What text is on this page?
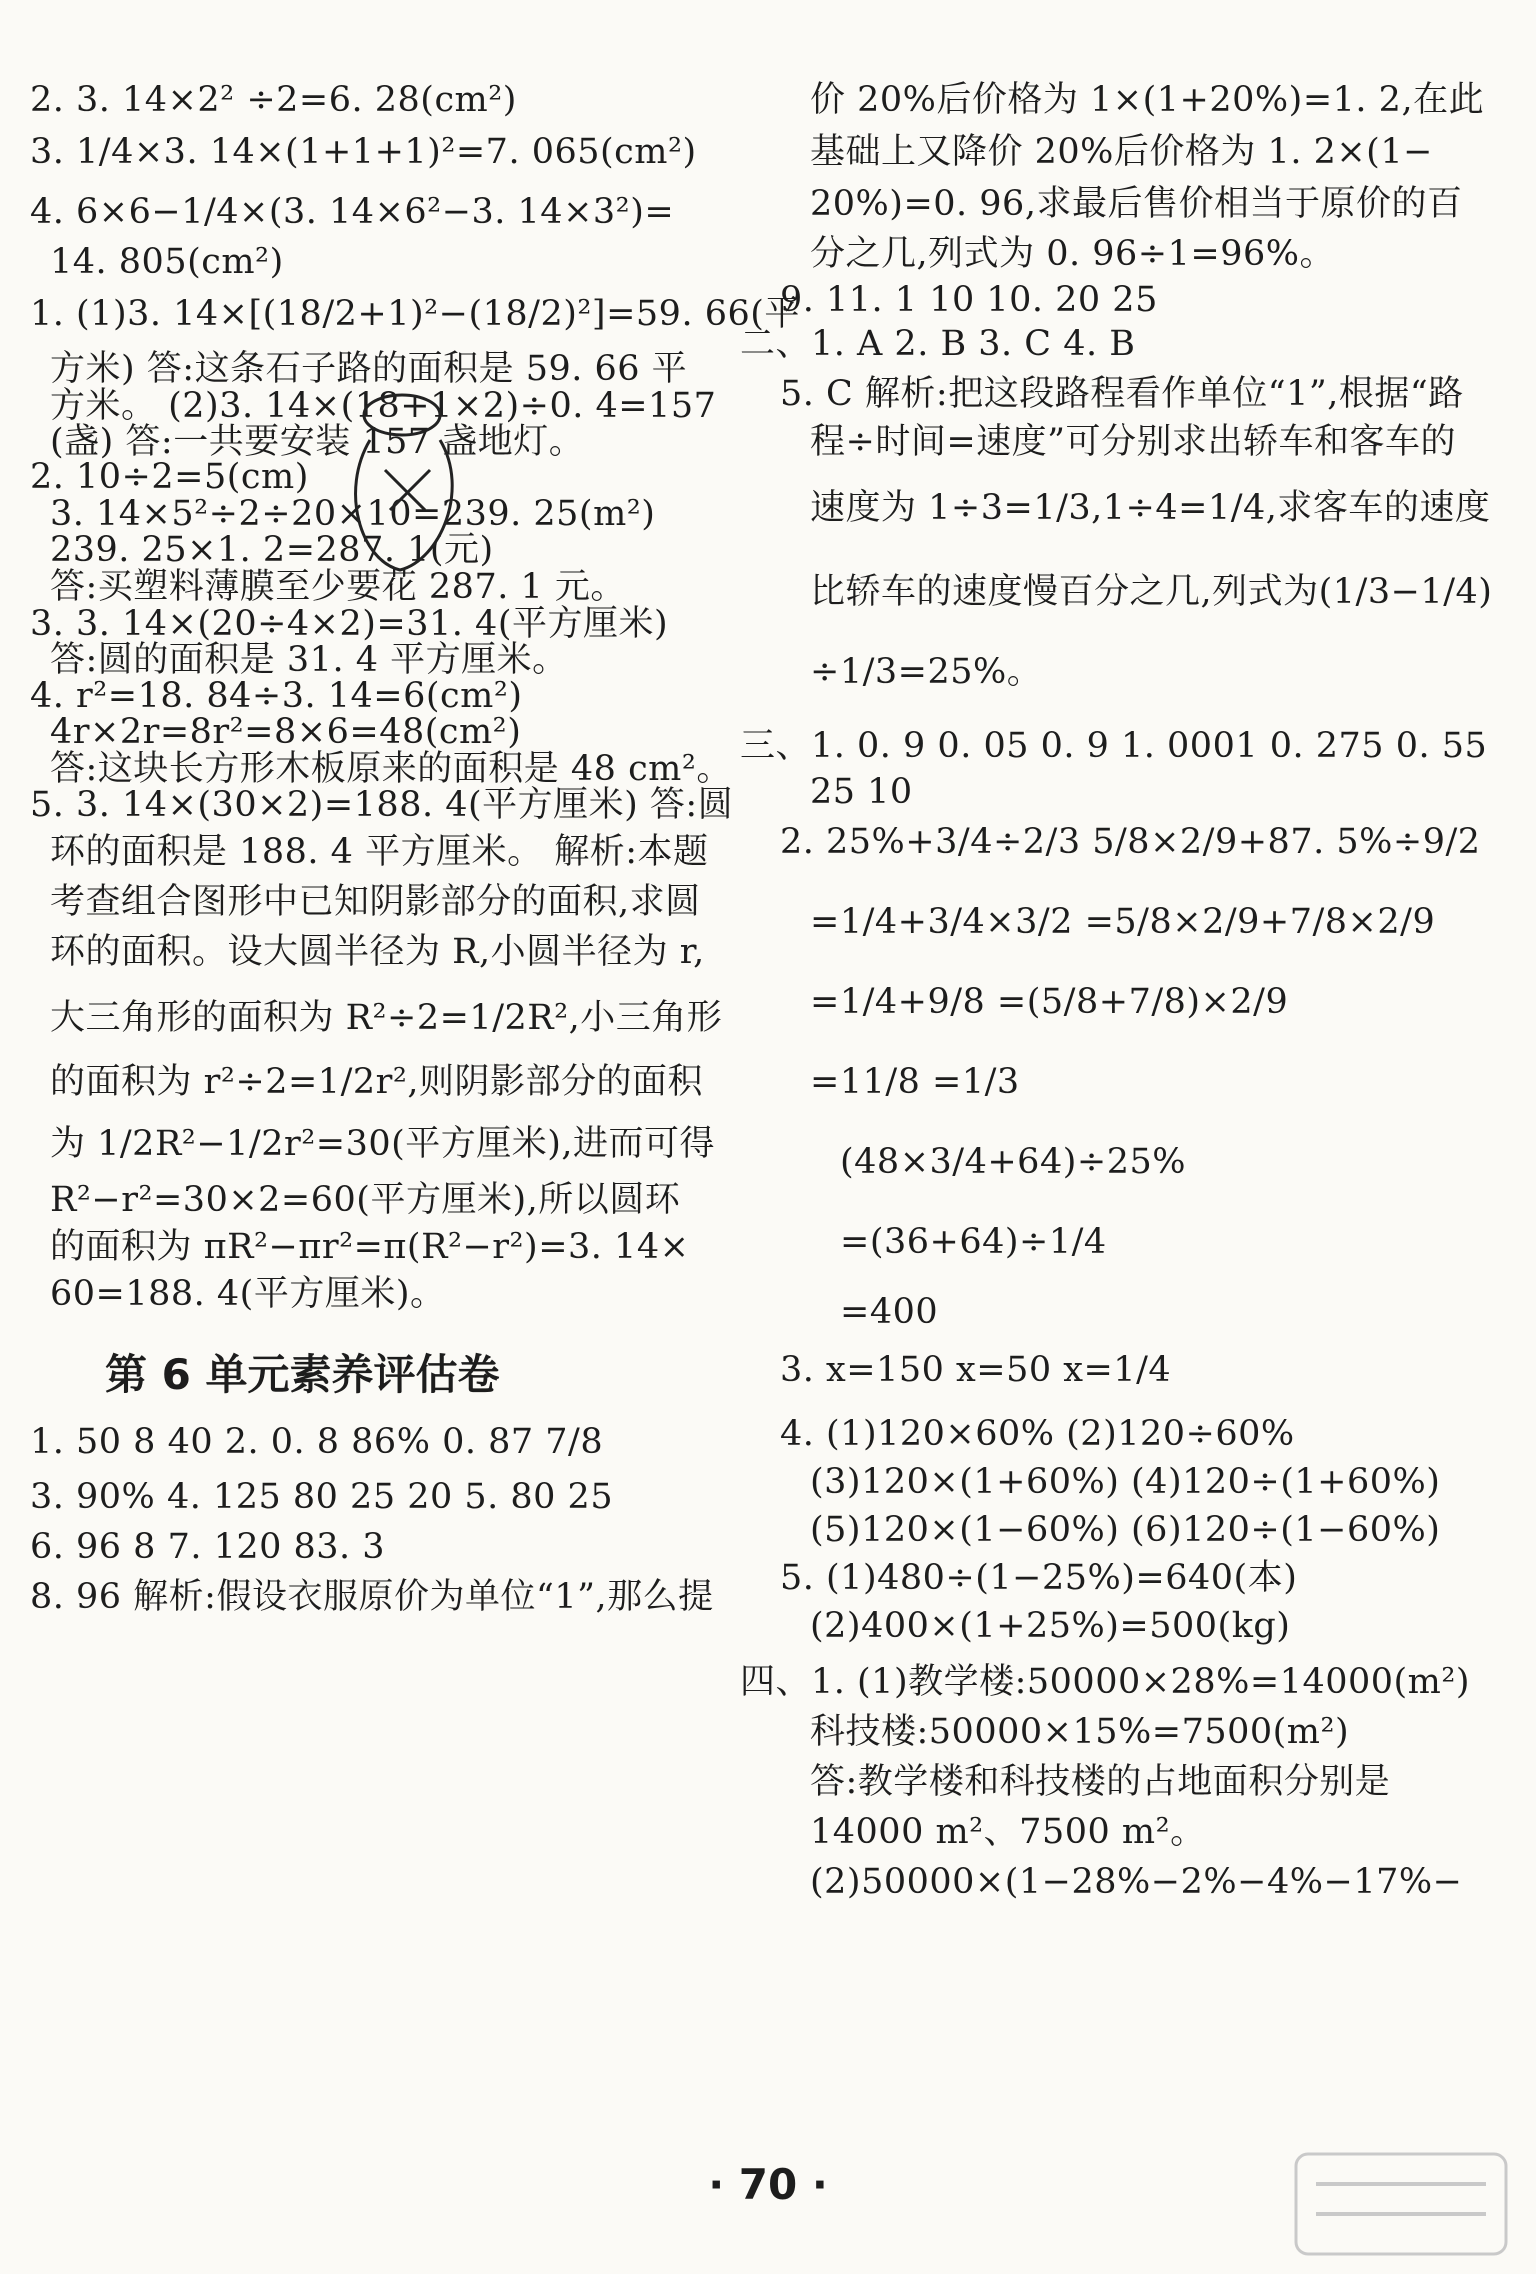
2. 3. 14×2² ÷2=6. 28(cm²)
3. 1/4×3. 14×(1+1+1)²=7. 065(cm²)
4. 6×6−1/4×(3. 14×6²−3. 14×3²)=
14. 805(cm²)
1. (1)3. 14×[(18/2+1)²−(18/2)²]=59. 66(平
方米) 答:这条石子路的面积是 59. 66 平
方米。 (2)3. 14×(18+1×2)÷0. 4=157
(盏) 答:一共要安装 157 盏地灯。
2. 10÷2=5(cm)
3. 14×5²÷2÷20×10=239. 25(m²)
239. 25×1. 2=287. 1(元)
答:买塑料薄膜至少要花 287. 1 元。
3. 3. 14×(20÷4×2)=31. 4(平方厘米)
答:圆的面积是 31. 4 平方厘米。
4. r²=18. 84÷3. 14=6(cm²)
4r×2r=8r²=8×6=48(cm²)
答:这块长方形木板原来的面积是 48 cm²。
5. 3. 14×(30×2)=188. 4(平方厘米) 答:圆
环的面积是 188. 4 平方厘米。 解析:本题
考查组合图形中已知阴影部分的面积,求圆
环的面积。设大圆半径为 R,小圆半径为 r,
大三角形的面积为 R²÷2=1/2R²,小三角形
的面积为 r²÷2=1/2r²,则阴影部分的面积
为 1/2R²−1/2r²=30(平方厘米),进而可得
R²−r²=30×2=60(平方厘米),所以圆环
的面积为 πR²−πr²=π(R²−r²)=3. 14×
60=188. 4(平方厘米)。
第 6 单元素养评估卷
1. 50 8 40 2. 0. 8 86% 0. 87 7/8
3. 90% 4. 125 80 25 20 5. 80 25
6. 96 8 7. 120 83. 3
8. 96 解析:假设衣服原价为单位“1”,那么提
价 20%后价格为 1×(1+20%)=1. 2,在此
基础上又降价 20%后价格为 1. 2×(1−
20%)=0. 96,求最后售价相当于原价的百
分之几,列式为 0. 96÷1=96%。
9. 11. 1 10 10. 20 25
二、1. A 2. B 3. C 4. B
5. C 解析:把这段路程看作单位“1”,根据“路
程÷时间=速度”可分别求出轿车和客车的
速度为 1÷3=1/3,1÷4=1/4,求客车的速度
比轿车的速度慢百分之几,列式为(1/3−1/4)
÷1/3=25%。
三、1. 0. 9 0. 05 0. 9 1. 0001 0. 275 0. 55
25 10
2. 25%+3/4÷2/3 5/8×2/9+87. 5%÷9/2
=1/4+3/4×3/2 =5/8×2/9+7/8×2/9
=1/4+9/8 =(5/8+7/8)×2/9
=11/8 =1/3
(48×3/4+64)÷25%
=(36+64)÷1/4
=400
3. x=150 x=50 x=1/4
4. (1)120×60% (2)120÷60%
(3)120×(1+60%) (4)120÷(1+60%)
(5)120×(1−60%) (6)120÷(1−60%)
5. (1)480÷(1−25%)=640(本)
(2)400×(1+25%)=500(kg)
四、1. (1)教学楼:50000×28%=14000(m²)
科技楼:50000×15%=7500(m²)
答:教学楼和科技楼的占地面积分别是
14000 m²、7500 m²。
(2)50000×(1−28%−2%−4%−17%−
· 70 ·
